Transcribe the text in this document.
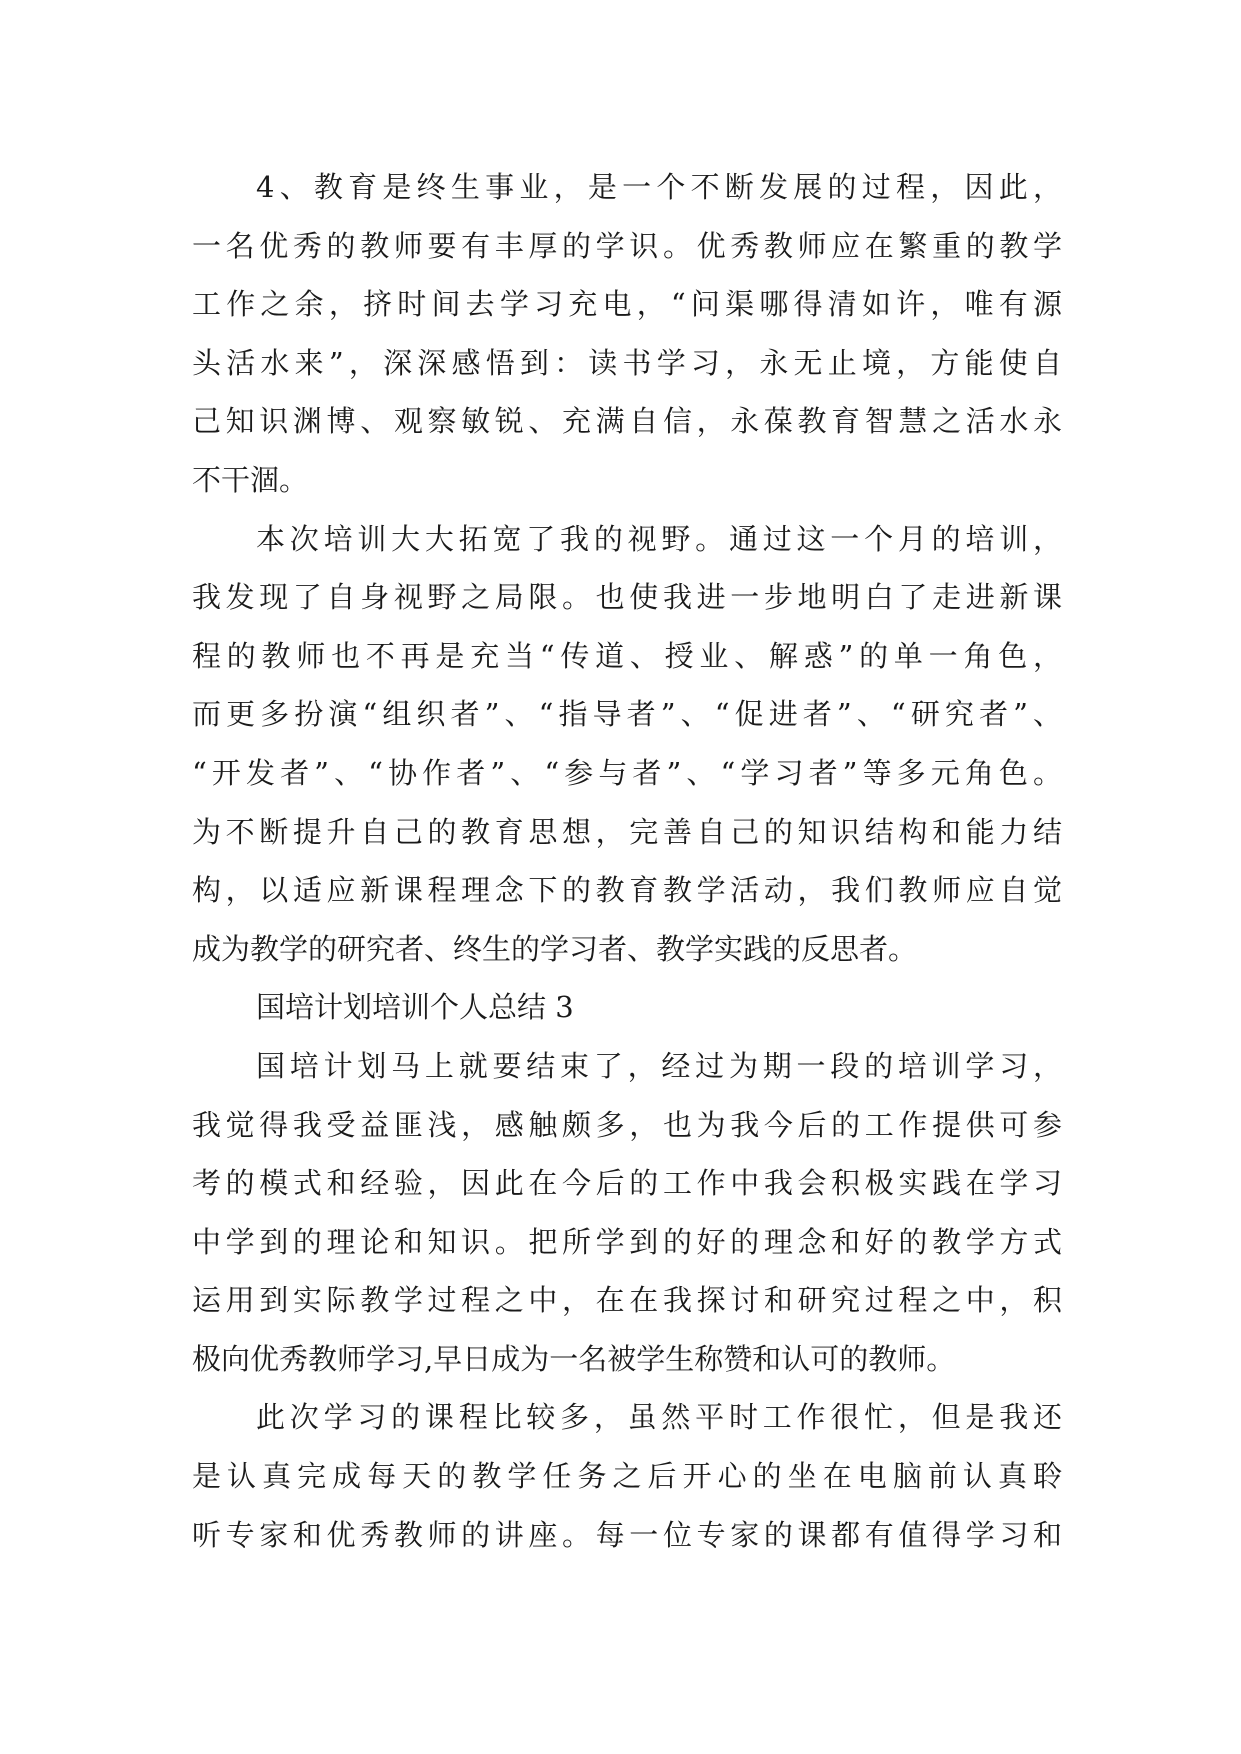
4、教育是终生事业，是一个不断发展的过程，因此，
一名优秀的教师要有丰厚的学识。优秀教师应在繁重的教学
工作之余，挤时间去学习充电，“问渠哪得清如许，唯有源
头活水来”，深深感悟到：读书学习，永无止境，方能使自
己知识渊博、观察敏锐、充满自信，永葆教育智慧之活水永
不干涸。
本次培训大大拓宽了我的视野。通过这一个月的培训，
我发现了自身视野之局限。也使我进一步地明白了走进新课
程的教师也不再是充当“传道、授业、解惑”的单一角色，
而更多扮演“组织者”、“指导者”、“促进者”、“研究者”、
“开发者”、“协作者”、“参与者”、“学习者”等多元角色。
为不断提升自己的教育思想，完善自己的知识结构和能力结
构，以适应新课程理念下的教育教学活动，我们教师应自觉
成为教学的研究者、终生的学习者、教学实践的反思者。
国培计划培训个人总结 3
国培计划马上就要结束了，经过为期一段的培训学习，
我觉得我受益匪浅，感触颇多，也为我今后的工作提供可参
考的模式和经验，因此在今后的工作中我会积极实践在学习
中学到的理论和知识。把所学到的好的理念和好的教学方式
运用到实际教学过程之中，在在我探讨和研究过程之中，积
极向优秀教师学习,早日成为一名被学生称赞和认可的教师。
此次学习的课程比较多，虽然平时工作很忙，但是我还
是认真完成每天的教学任务之后开心的坐在电脑前认真聆
听专家和优秀教师的讲座。每一位专家的课都有值得学习和
